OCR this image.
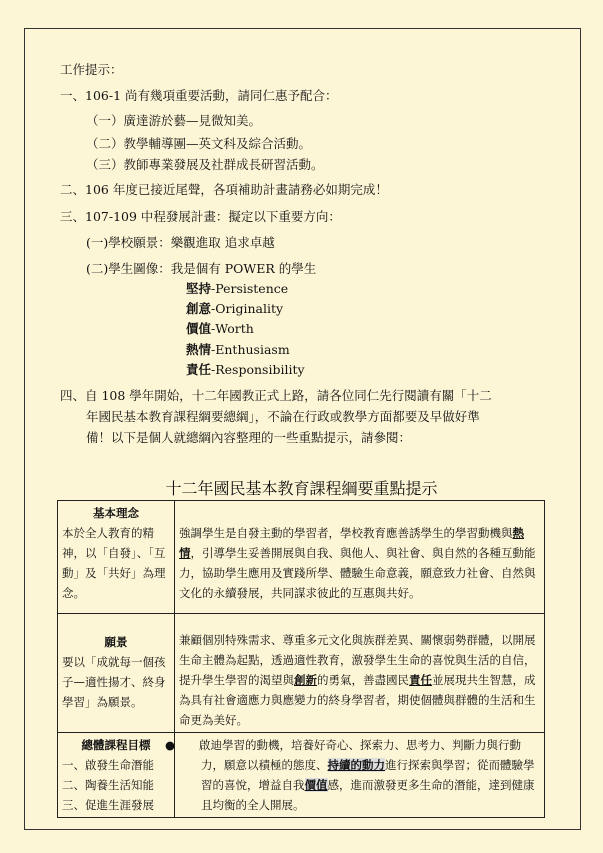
工作提示：
一、106-1 尚有幾項重要活動，請同仁惠予配合：
（一）廣達游於藝—見微知美。
（二）教學輔導團—英文科及綜合活動。
（三）教師專業發展及社群成長研習活動。
二、106 年度已接近尾聲，各項補助計畫請務必如期完成！
三、107-109 中程發展計畫：擬定以下重要方向：
(一)學校願景：樂觀進取 追求卓越
(二)學生圖像：我是個有 POWER 的學生
堅持-Persistence
創意-Originality
價值-Worth
熱情-Enthusiasm
責任-Responsibility
四、自 108 學年開始，十二年國教正式上路，請各位同仁先行閱讀有關「十二
年國民基本教育課程綱要總綱」，不論在行政或教學方面都要及早做好準
備！以下是個人就總綱內容整理的一些重點提示，請參閱：
十二年國民基本教育課程綱要重點提示
基本理念
本於全人教育的精神，以「自發」、「互動」及「共好」為理念。	強調學生是自發主動的學習者，學校教育應善誘學生的學習動機與熱情，引導學生妥善開展與自我、與他人、與社會、與自然的各種互動能力，協助學生應用及實踐所學、體驗生命意義，願意致力社會、自然與文化的永續發展，共同謀求彼此的互惠與共好。

願景
要以「成就每一個孩子—適性揚才、終身學習」為願景。	兼顧個別特殊需求、尊重多元文化與族群差異、關懷弱勢群體，以開展生命主體為起點，透過適性教育，激發學生生命的喜悅與生活的自信，提升學生學習的渴望與創新的勇氣，善盡國民責任並展現共生智慧，成為具有社會適應力與應變力的終身學習者，期使個體與群體的生活和生命更為美好。

總體課程目標
一、啟發生命潛能
二、陶養生活知能
三、促進生涯發展	● 啟迪學習的動機，培養好奇心、探索力、思考力、判斷力與行動力，願意以積極的態度、持續的動力進行探索與學習；從而體驗學習的喜悅，增益自我價值感，進而激發更多生命的潛能，達到健康且均衡的全人開展。
